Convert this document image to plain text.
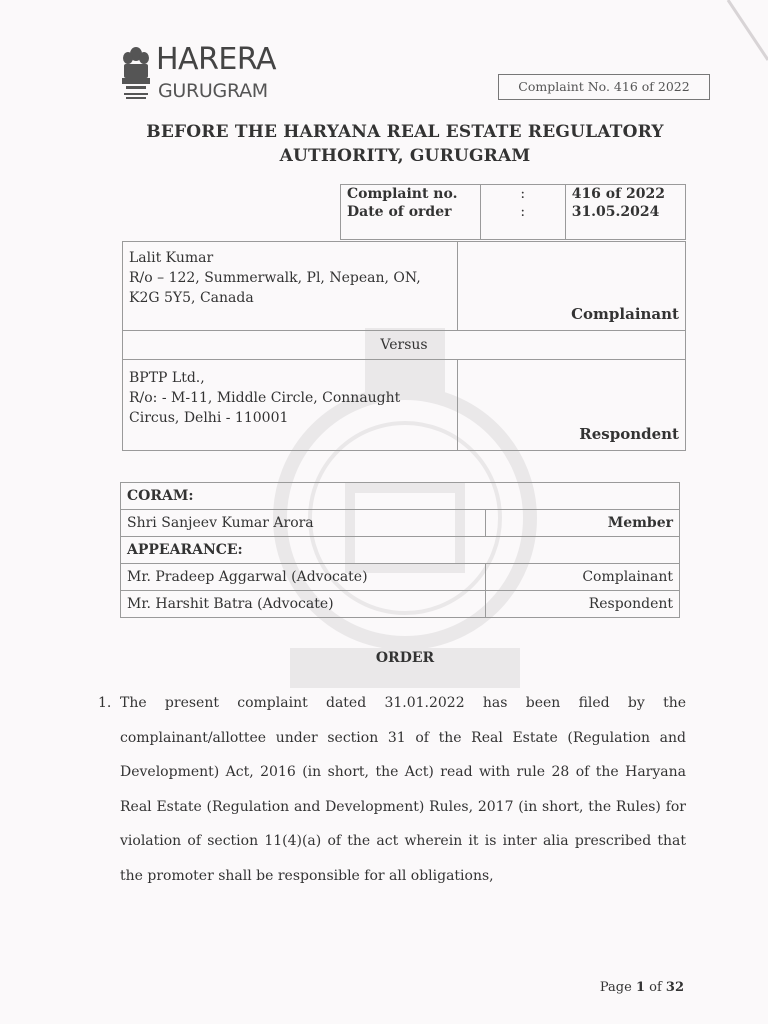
HARERA
GURUGRAM	Complaint No. 416 of 2022
BEFORE THE HARYANA REAL ESTATE REGULATORY
AUTHORITY, GURUGRAM
Complaint no.	:	416 of 2022
Date of order	:	31.05.2024
Lalit Kumar
R/o – 122, Summerwalk, Pl, Nepean, ON,
K2G 5Y5, Canada	Complainant
Versus	

BPTP Ltd.,
R/o: - M-11, Middle Circle, Connaught
Circus, Delhi - 110001	Respondent
CORAM:	
Shri Sanjeev Kumar Arora	Member
APPEARANCE:	
Mr. Pradeep Aggarwal (Advocate)	Complainant
Mr. Harshit Batra (Advocate)	Respondent
ORDER
1. The present complaint dated 31.01.2022 has been filed by the complainant/allottee under section 31 of the Real Estate (Regulation and Development) Act, 2016 (in short, the Act) read with rule 28 of the Haryana Real Estate (Regulation and Development) Rules, 2017 (in short, the Rules) for violation of section 11(4)(a) of the act wherein it is inter alia prescribed that the promoter shall be responsible for all obligations,
Page 1 of 32
